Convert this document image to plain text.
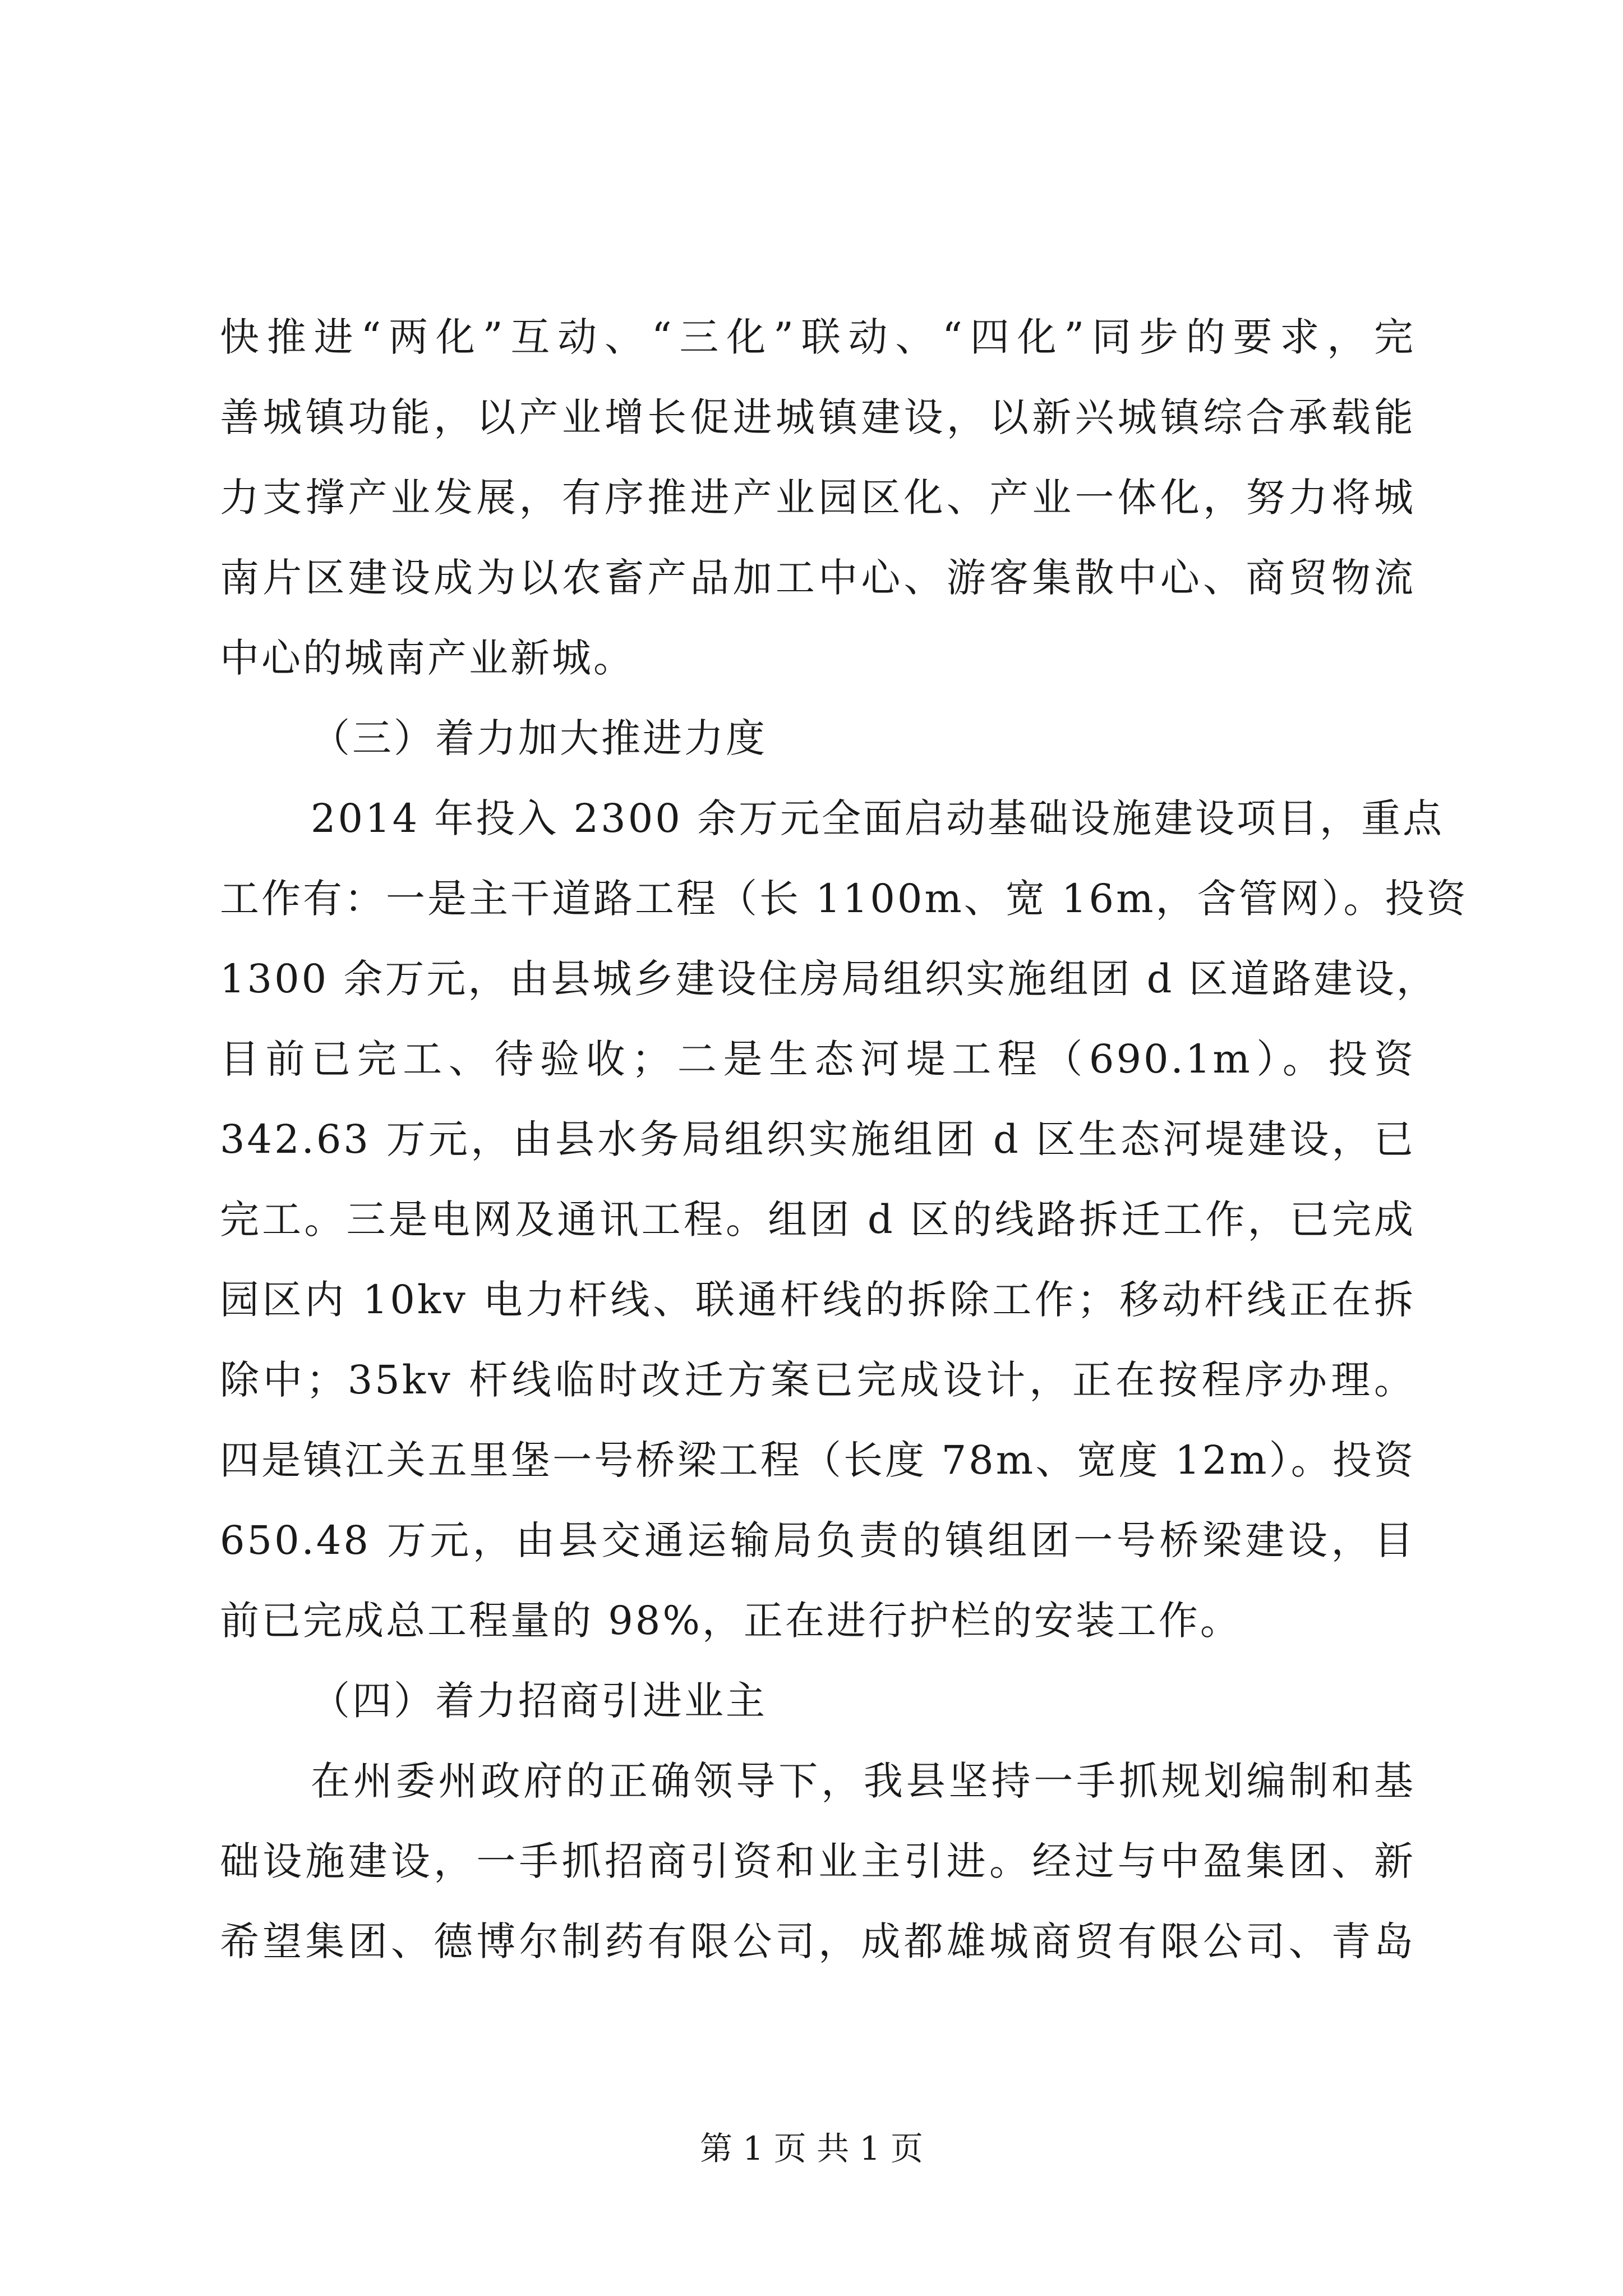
快推进“两化”互动、“三化”联动、“四化”同步的要求，完
善城镇功能，以产业增长促进城镇建设，以新兴城镇综合承载能
力支撑产业发展，有序推进产业园区化、产业一体化，努力将城
南片区建设成为以农畜产品加工中心、游客集散中心、商贸物流
中心的城南产业新城。
（三）着力加大推进力度
2014 年投入 2300 余万元全面启动基础设施建设项目，重点
工作有：一是主干道路工程（长 1100m、宽 16m，含管网）。投资
1300 余万元，由县城乡建设住房局组织实施组团 d 区道路建设，
目前已完工、待验收；二是生态河堤工程（690.1m）。投资
342.63 万元，由县水务局组织实施组团 d 区生态河堤建设，已
完工。三是电网及通讯工程。组团 d 区的线路拆迁工作，已完成
园区内 10kv 电力杆线、联通杆线的拆除工作；移动杆线正在拆
除中；35kv 杆线临时改迁方案已完成设计，正在按程序办理。
四是镇江关五里堡一号桥梁工程（长度 78m、宽度 12m）。投资
650.48 万元，由县交通运输局负责的镇组团一号桥梁建设，目
前已完成总工程量的 98%，正在进行护栏的安装工作。
（四）着力招商引进业主
在州委州政府的正确领导下，我县坚持一手抓规划编制和基
础设施建设，一手抓招商引资和业主引进。经过与中盈集团、新
希望集团、德博尔制药有限公司，成都雄城商贸有限公司、青岛
第 1 页 共 1 页
